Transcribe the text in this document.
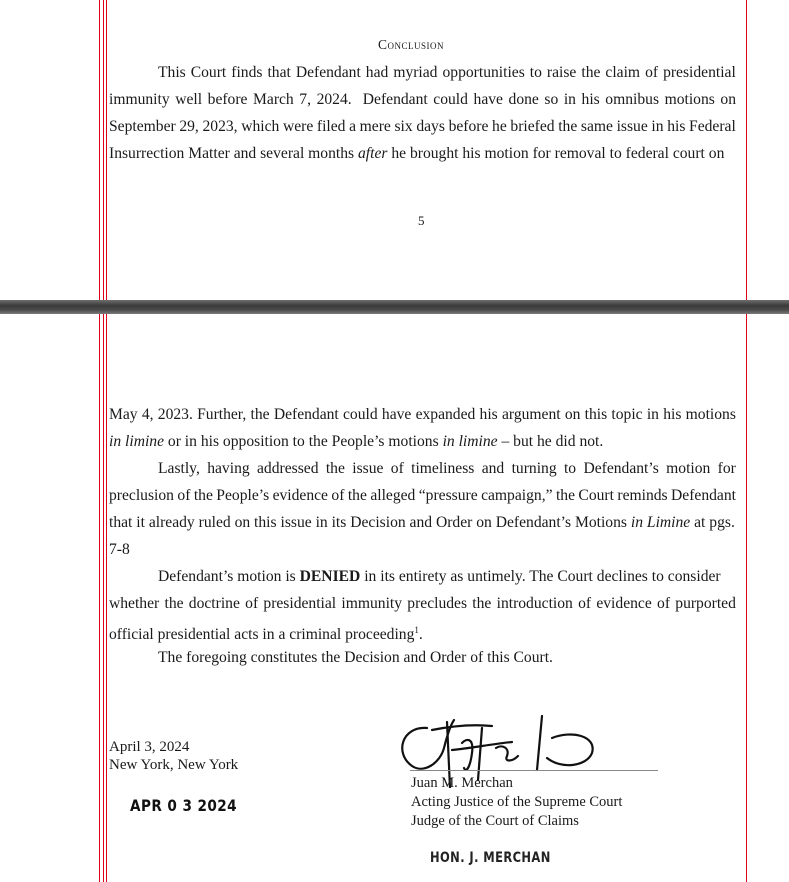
Conclusion
This Court finds that Defendant had myriad opportunities to raise the claim of presidential
immunity well before March 7, 2024. Defendant could have done so in his omnibus motions on
September 29, 2023, which were filed a mere six days before he briefed the same issue in his Federal
Insurrection Matter and several months after he brought his motion for removal to federal court on
5
May 4, 2023. Further, the Defendant could have expanded his argument on this topic in his motions
in limine or in his opposition to the People’s motions in limine – but he did not.
Lastly, having addressed the issue of timeliness and turning to Defendant’s motion for
preclusion of the People’s evidence of the alleged “pressure campaign,” the Court reminds Defendant
that it already ruled on this issue in its Decision and Order on Defendant’s Motions in Limine at pgs.
7-8
Defendant’s motion is DENIED in its entirety as untimely. The Court declines to consider
whether the doctrine of presidential immunity precludes the introduction of evidence of purported
official presidential acts in a criminal proceeding$^1$.
The foregoing constitutes the Decision and Order of this Court.
April 3, 2024
New York, New York
APR 0 3 2024
Juan M. Merchan
Acting Justice of the Supreme Court
Judge of the Court of Claims
HON. J. MERCHAN
